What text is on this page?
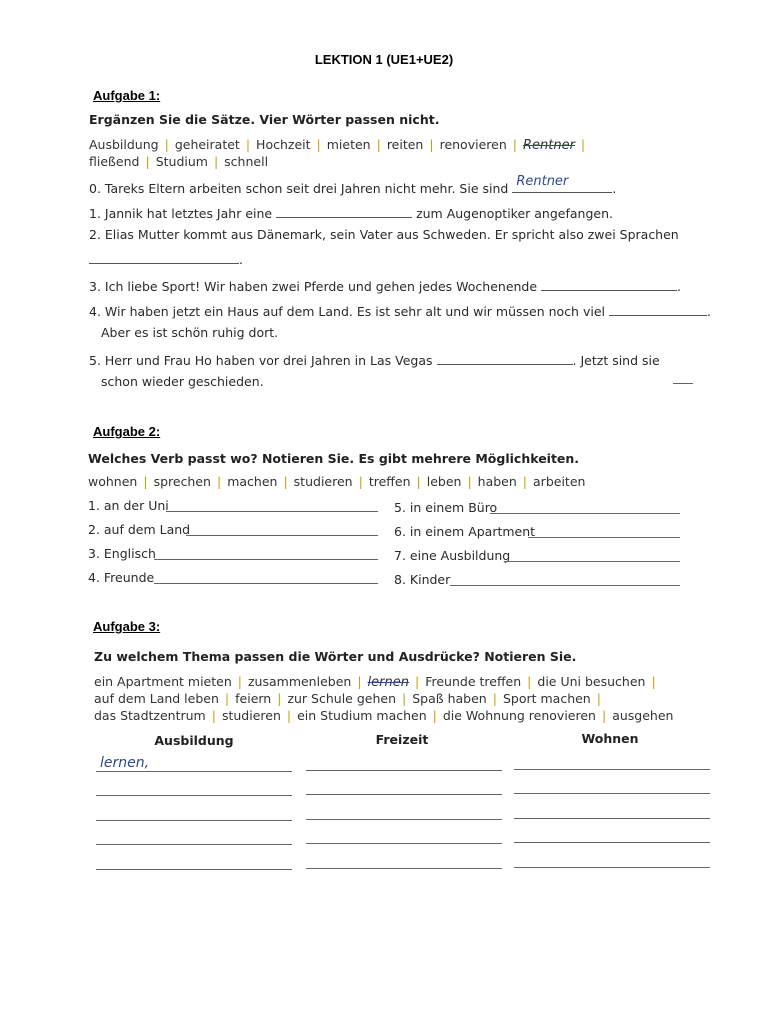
LEKTION 1 (UE1+UE2)
Aufgabe 1:
Ergänzen Sie die Sätze. Vier Wörter passen nicht.
Ausbildung | geheiratet | Hochzeit | mieten | reiten | renovieren | Rentner |
fließend | Studium | schnell
0. Tareks Eltern arbeiten schon seit drei Jahren nicht mehr. Sie sind Rentner	.
1. Jannik hat letztes Jahr eine	zum Augenoptiker angefangen.
2. Elias Mutter kommt aus Dänemark, sein Vater aus Schweden. Er spricht also zwei Sprachen
.
3. Ich liebe Sport! Wir haben zwei Pferde und gehen jedes Wochenende	.
4. Wir haben jetzt ein Haus auf dem Land. Es ist sehr alt und wir müssen noch viel	.
Aber es ist schön ruhig dort.
5. Herr und Frau Ho haben vor drei Jahren in Las Vegas	. Jetzt sind sie
schon wieder geschieden.
Aufgabe 2:
Welches Verb passt wo? Notieren Sie. Es gibt mehrere Möglichkeiten.
wohnen | sprechen | machen | studieren | treffen | leben | haben | arbeiten
1. an der Uni
2. auf dem Land
3. Englisch
4. Freunde
5. in einem Büro
6. in einem Apartment
7. eine Ausbildung
8. Kinder
Aufgabe 3:
Zu welchem Thema passen die Wörter und Ausdrücke? Notieren Sie.
ein Apartment mieten | zusammenleben | lernen | Freunde treffen | die Uni besuchen |
auf dem Land leben | feiern | zur Schule gehen | Spaß haben | Sport machen |
das Stadtzentrum | studieren | ein Studium machen | die Wohnung renovieren | ausgehen
Ausbildung	Freizeit	Wohnen
lernen,
